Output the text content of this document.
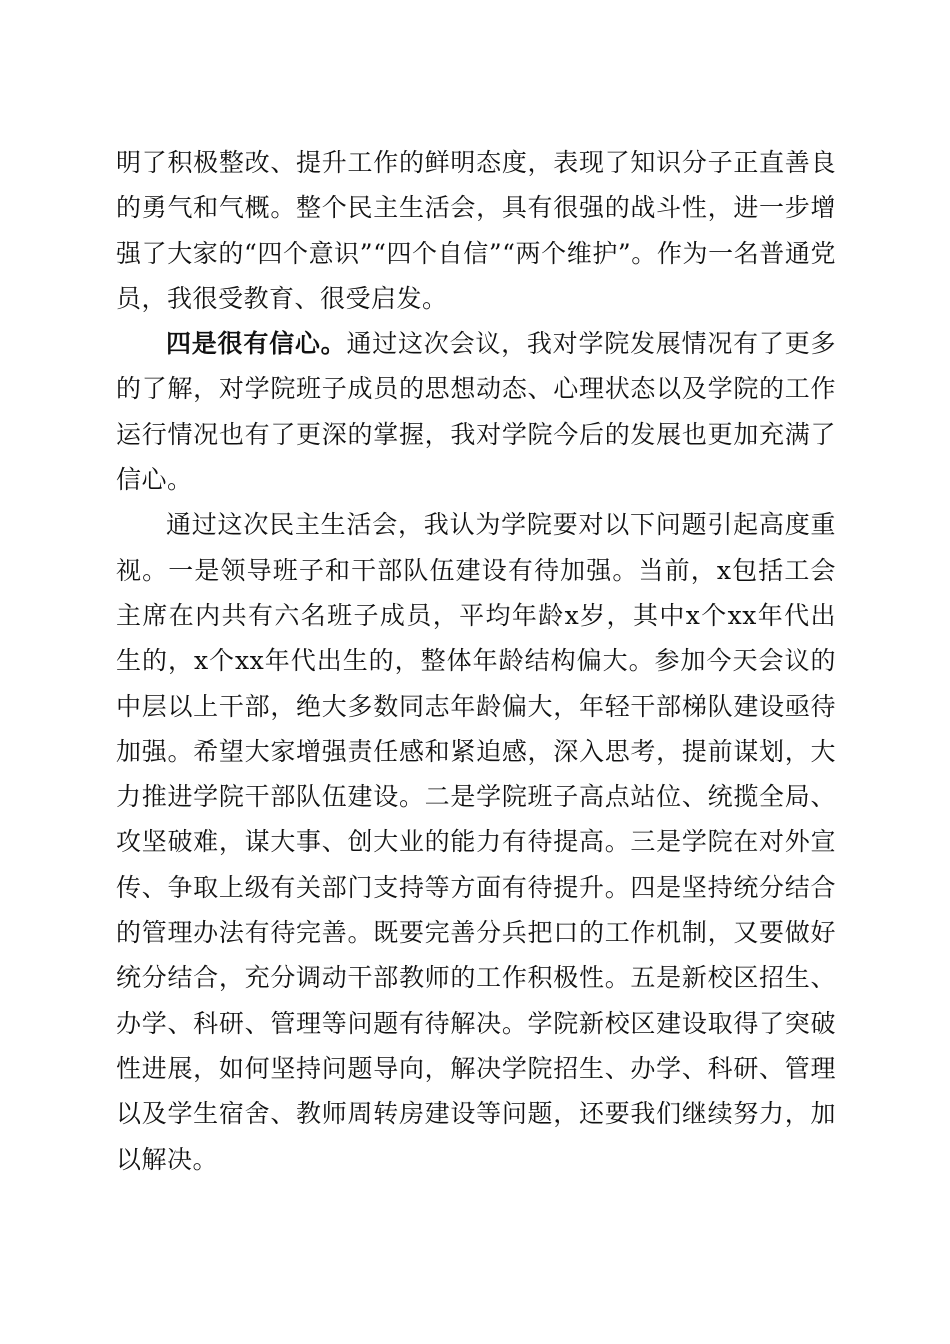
明了积极整改、提升工作的鲜明态度，表现了知识分子正直善良的勇气和气概。整个民主生活会，具有很强的战斗性，进一步增强了大家的“四个意识”“四个自信”“两个维护”。作为一名普通党员，我很受教育、很受启发。

四是很有信心。通过这次会议，我对学院发展情况有了更多的了解，对学院班子成员的思想动态、心理状态以及学院的工作运行情况也有了更深的掌握，我对学院今后的发展也更加充满了信心。

通过这次民主生活会，我认为学院要对以下问题引起高度重视。一是领导班子和干部队伍建设有待加强。当前，x包括工会主席在内共有六名班子成员，平均年龄x岁，其中x个xx年代出生的，x个xx年代出生的，整体年龄结构偏大。参加今天会议的中层以上干部，绝大多数同志年龄偏大，年轻干部梯队建设亟待加强。希望大家增强责任感和紧迫感，深入思考，提前谋划，大力推进学院干部队伍建设。二是学院班子高点站位、统揽全局、攻坚破难，谋大事、创大业的能力有待提高。三是学院在对外宣传、争取上级有关部门支持等方面有待提升。四是坚持统分结合的管理办法有待完善。既要完善分兵把口的工作机制，又要做好统分结合，充分调动干部教师的工作积极性。五是新校区招生、办学、科研、管理等问题有待解决。学院新校区建设取得了突破性进展，如何坚持问题导向，解决学院招生、办学、科研、管理以及学生宿舍、教师周转房建设等问题，还要我们继续努力，加以解决。
